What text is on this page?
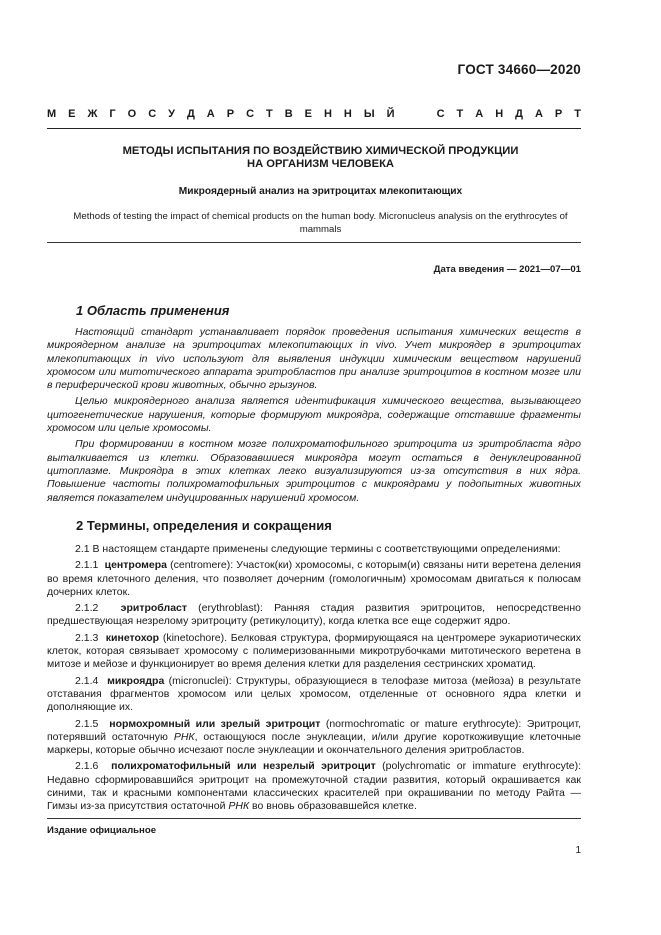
ГОСТ 34660—2020
М Е Ж Г О С У Д А Р С Т В Е Н Н Ы Й

	С Т А Н Д А Р Т
МЕТОДЫ ИСПЫТАНИЯ ПО ВОЗДЕЙСТВИЮ ХИМИЧЕСКОЙ ПРОДУКЦИИ
НА ОРГАНИЗМ ЧЕЛОВЕКА
Микроядерный анализ на эритроцитах млекопитающих
Methods of testing the impact of chemical products on the human body. Micronucleus analysis on the erythrocytes of mammals
Дата введения — 2021—07—01
1 Область применения

Настоящий стандарт устанавливает порядок проведения испытания химических веществ в микроядерном анализе на эритроцитах млекопитающих in vivo. Учет микроядер в эритроцитах млекопитающих in vivo используют для выявления индукции химическим веществом нарушений хромосом или митотического аппарата эритробластов при анализе эритроцитов в костном мозге или в периферической крови животных, обычно грызунов.

Целью микроядерного анализа является идентификация химического вещества, вызывающего цитогенетические нарушения, которые формируют микроядра, содержащие отставшие фрагменты хромосом или целые хромосомы.

При формировании в костном мозге полихроматофильного эритроцита из эритробласта ядро выталкивается из клетки. Образовавшиеся микроядра могут остаться в денуклеированной цитоплазме. Микроядра в этих клетках легко визуализируются из-за отсутствия в них ядра. Повышение частоты полихроматофильных эритроцитов с микроядрами у подопытных животных является показателем индуцированных нарушений хромосом.

2 Термины, определения и сокращения

2.1 В настоящем стандарте применены следующие термины с соответствующими определениями:

2.1.1 центромера (centromere): Участок(ки) хромосомы, с которым(и) связаны нити веретена деления во время клеточного деления, что позволяет дочерним (гомологичным) хромосомам двигаться к полюсам дочерних клеток.

2.1.2 эритробласт (erythroblast): Ранняя стадия развития эритроцитов, непосредственно предшествующая незрелому эритроциту (ретикулоциту), когда клетка все еще содержит ядро.

2.1.3 кинетохор (kinetochore). Белковая структура, формирующаяся на центромере эукариотических клеток, которая связывает хромосому с полимеризованными микротрубочками митотического веретена в митозе и мейозе и функционирует во время деления клетки для разделения сестринских хроматид.

2.1.4 микроядра (micronuclei): Структуры, образующиеся в телофазе митоза (мейоза) в результате отставания фрагментов хромосом или целых хромосом, отделенные от основного ядра клетки и дополняющие их.

2.1.5 нормохромный или зрелый эритроцит (normochromatic or mature erythrocyte): Эритроцит, потерявший остаточную РНК, остающуюся после энуклеации, и/или другие короткоживущие клеточные маркеры, которые обычно исчезают после энуклеации и окончательного деления эритробластов.

2.1.6 полихроматофильный или незрелый эритроцит (polychromatic or immature erythrocyte): Недавно сформировавшийся эритроцит на промежуточной стадии развития, который окрашивается как синими, так и красными компонентами классических красителей при окрашивании по методу Райта — Гимзы из-за присутствия остаточной РНК во вновь образовавшейся клетке.

Издание официальное
1
